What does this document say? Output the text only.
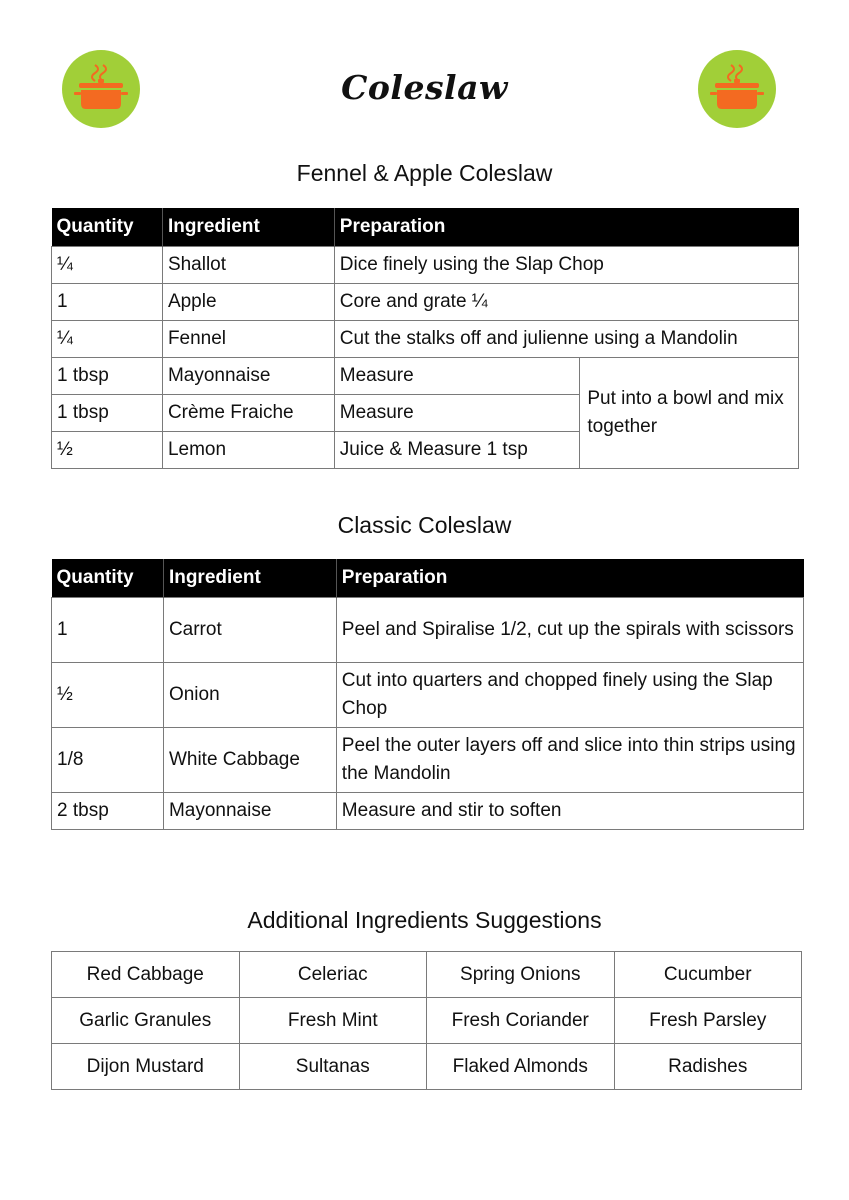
Coleslaw
Fennel & Apple Coleslaw
Quantity	Ingredient	Preparation	
¼	Shallot	Dice finely using the Slap Chop	
1	Apple	Core and grate ¼	
¼	Fennel	Cut the stalks off and julienne using a Mandolin	
1 tbsp	Mayonnaise	Measure	Put into a bowl and mix together
1 tbsp	Crème Fraiche	Measure	
½	Lemon	Juice & Measure 1 tsp	
Classic Coleslaw
Quantity	Ingredient	Preparation
1	Carrot	Peel and Spiralise 1/2, cut up the spirals with scissors
½	Onion	Cut into quarters and chopped finely using the Slap Chop
1/8	White Cabbage	Peel the outer layers off and slice into thin strips using the Mandolin
2 tbsp	Mayonnaise	Measure and stir to soften
Additional Ingredients Suggestions
Red Cabbage	Celeriac	Spring Onions	Cucumber
Garlic Granules	Fresh Mint	Fresh Coriander	Fresh Parsley
Dijon Mustard	Sultanas	Flaked Almonds	Radishes
